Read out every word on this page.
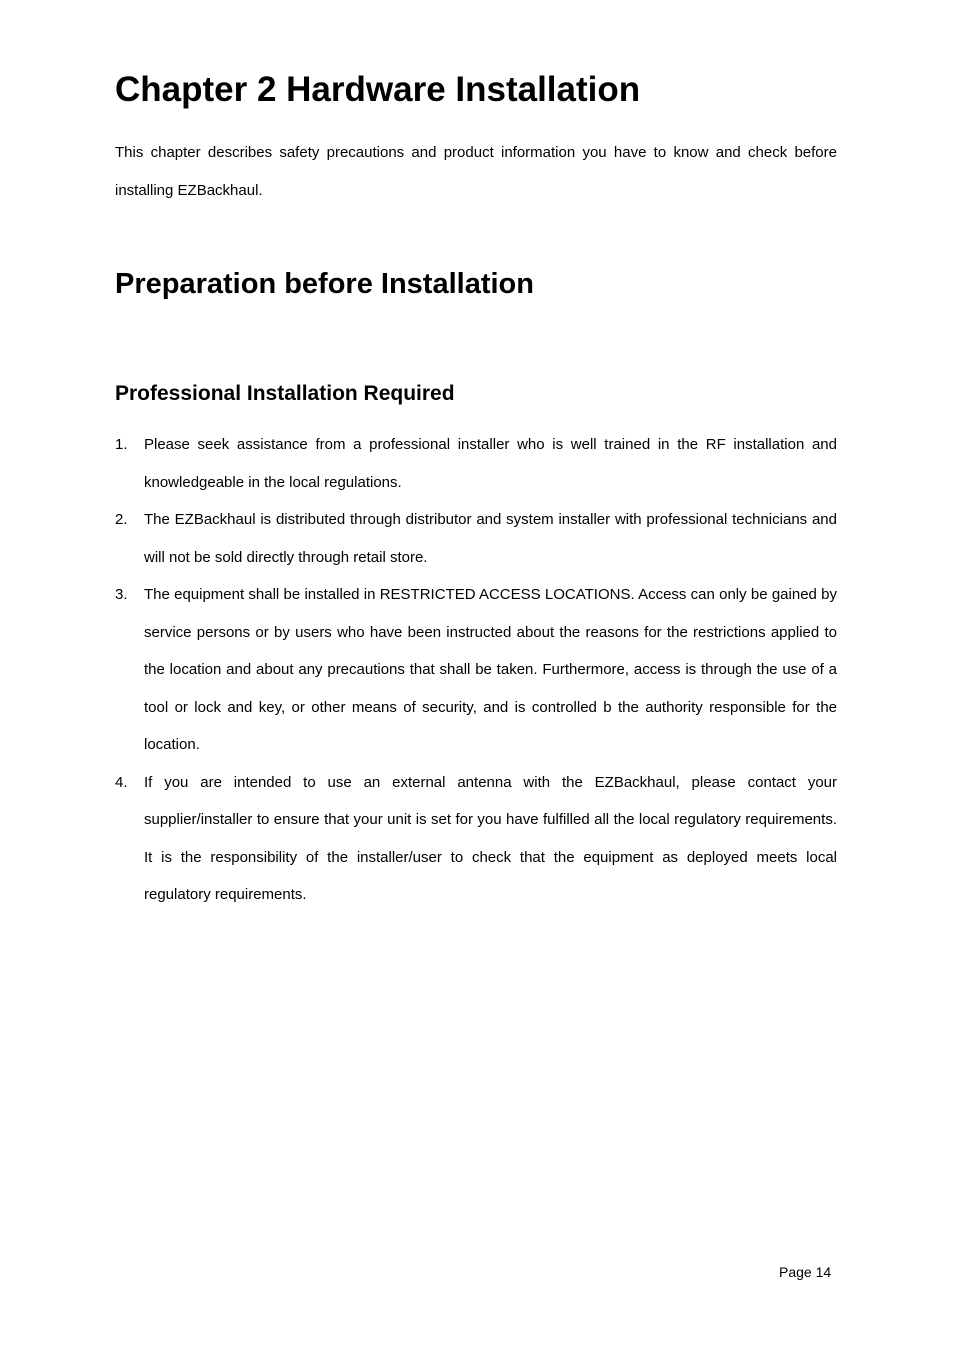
Chapter 2 Hardware Installation

This chapter describes safety precautions and product information you have to know and check before installing EZBackhaul.

Preparation before Installation
Professional Installation Required
1. Please seek assistance from a professional installer who is well trained in the RF installation and knowledgeable in the local regulations.
2. The EZBackhaul is distributed through distributor and system installer with professional technicians and will not be sold directly through retail store.
3. The equipment shall be installed in RESTRICTED ACCESS LOCATIONS. Access can only be gained by service persons or by users who have been instructed about the reasons for the restrictions applied to the location and about any precautions that shall be taken. Furthermore, access is through the use of a tool or lock and key, or other means of security, and is controlled b the authority responsible for the location.
4. If you are intended to use an external antenna with the EZBackhaul, please contact your supplier/installer to ensure that your unit is set for you have fulfilled all the local regulatory requirements. It is the responsibility of the installer/user to check that the equipment as deployed meets local regulatory requirements.
Page 14
